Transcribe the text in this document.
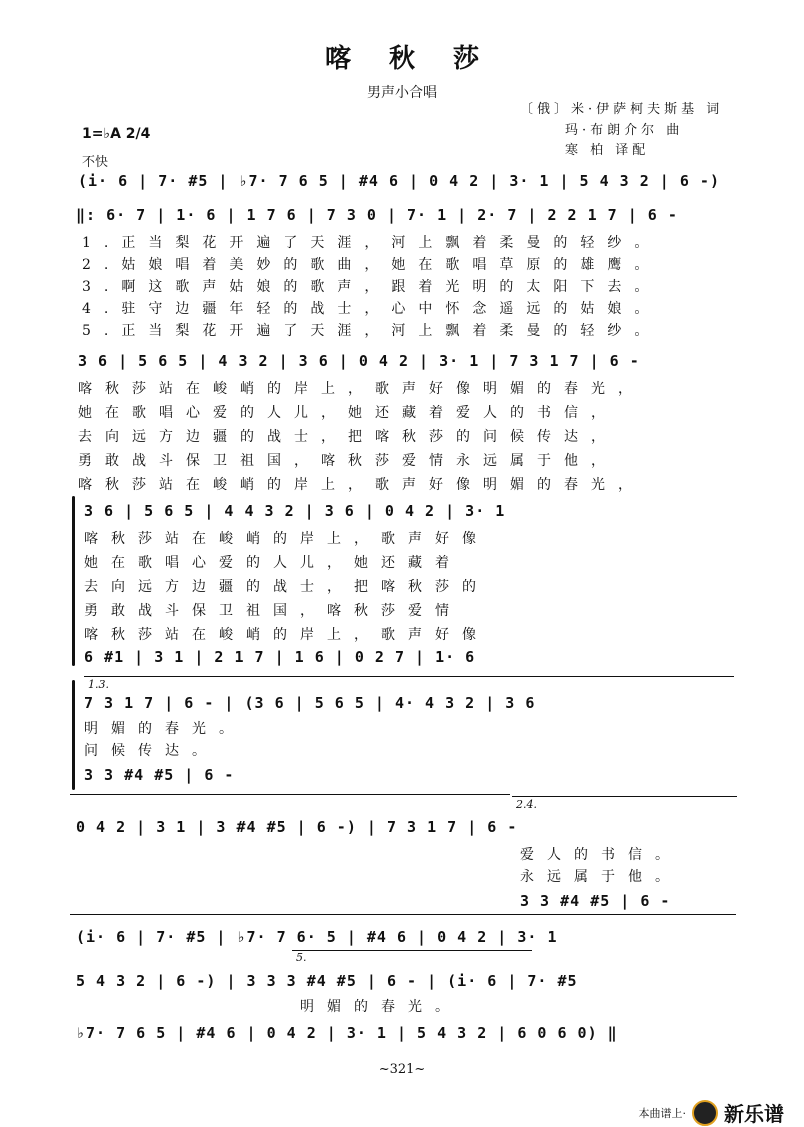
喀秋莎
男声小合唱
〔俄〕米·伊萨柯夫斯基 词
玛·布朗介尔 曲
寒 柏 译配
1=♭A 2/4
不快
(i· 6 | 7· #5 | ♭7· 7 6 5 | #4 6 | 0 4 2 | 3· 1 | 5 4 3 2 | 6 -)
‖: 6· 7 | 1· 6 | 1 7 6 | 7 3 0 | 7· 1 | 2· 7 | 2 2 1 7 | 6 -
1.正当梨花开遍了天涯，河上飘着柔曼的轻纱。
2.姑娘唱着美妙的歌曲，她在歌唱草原的雄鹰。
3.啊这歌声姑娘的歌声，跟着光明的太阳下去。
4.驻守边疆年轻的战士，心中怀念遥远的姑娘。
5.正当梨花开遍了天涯，河上飘着柔曼的轻纱。
3 6 | 5 6 5 | 4 3 2 | 3 6 | 0 4 2 | 3· 1 | 7 3 1 7 | 6 -
喀秋莎站在峻峭的岸上，歌声好像明媚的春光，
她在歌唱心爱的人儿，她还藏着爱人的书信，
去向远方边疆的战士，把喀秋莎的问候传达，
勇敢战斗保卫祖国，喀秋莎爱情永远属于他，
喀秋莎站在峻峭的岸上，歌声好像明媚的春光，
3 6 | 5 6 5 | 4 4 3 2 | 3 6 | 0 4 2 | 3· 1
喀秋莎站在峻峭的岸上，歌声好像
她在歌唱心爱的人儿，她还藏着
去向远方边疆的战士，把喀秋莎的
勇敢战斗保卫祖国，喀秋莎爱情
喀秋莎站在峻峭的岸上，歌声好像
6 #1 | 3 1 | 2 1 7 | 1 6 | 0 2 7 | 1· 6
1.3.
7 3 1 7 | 6 - | (3 6 | 5 6 5 | 4· 4 3 2 | 3 6
明媚的春光。
问候传达。
3 3 #4 #5 | 6 -
2.4.
0 4 2 | 3 1 | 3 #4 #5 | 6 -) | 7 3 1 7 | 6 -
爱人的书信。
永远属于他。
3 3 #4 #5 | 6 -
(i· 6 | 7· #5 | ♭7· 7 6· 5 | #4 6 | 0 4 2 | 3· 1
5.
5 4 3 2 | 6 -) | 3 3 3 #4 #5 | 6 - | (i· 6 | 7· #5
明媚的春光。
♭7· 7 6 5 | #4 6 | 0 4 2 | 3· 1 | 5 4 3 2 | 6 0 6 0) ‖
~321~
本曲谱上· 新乐谱
